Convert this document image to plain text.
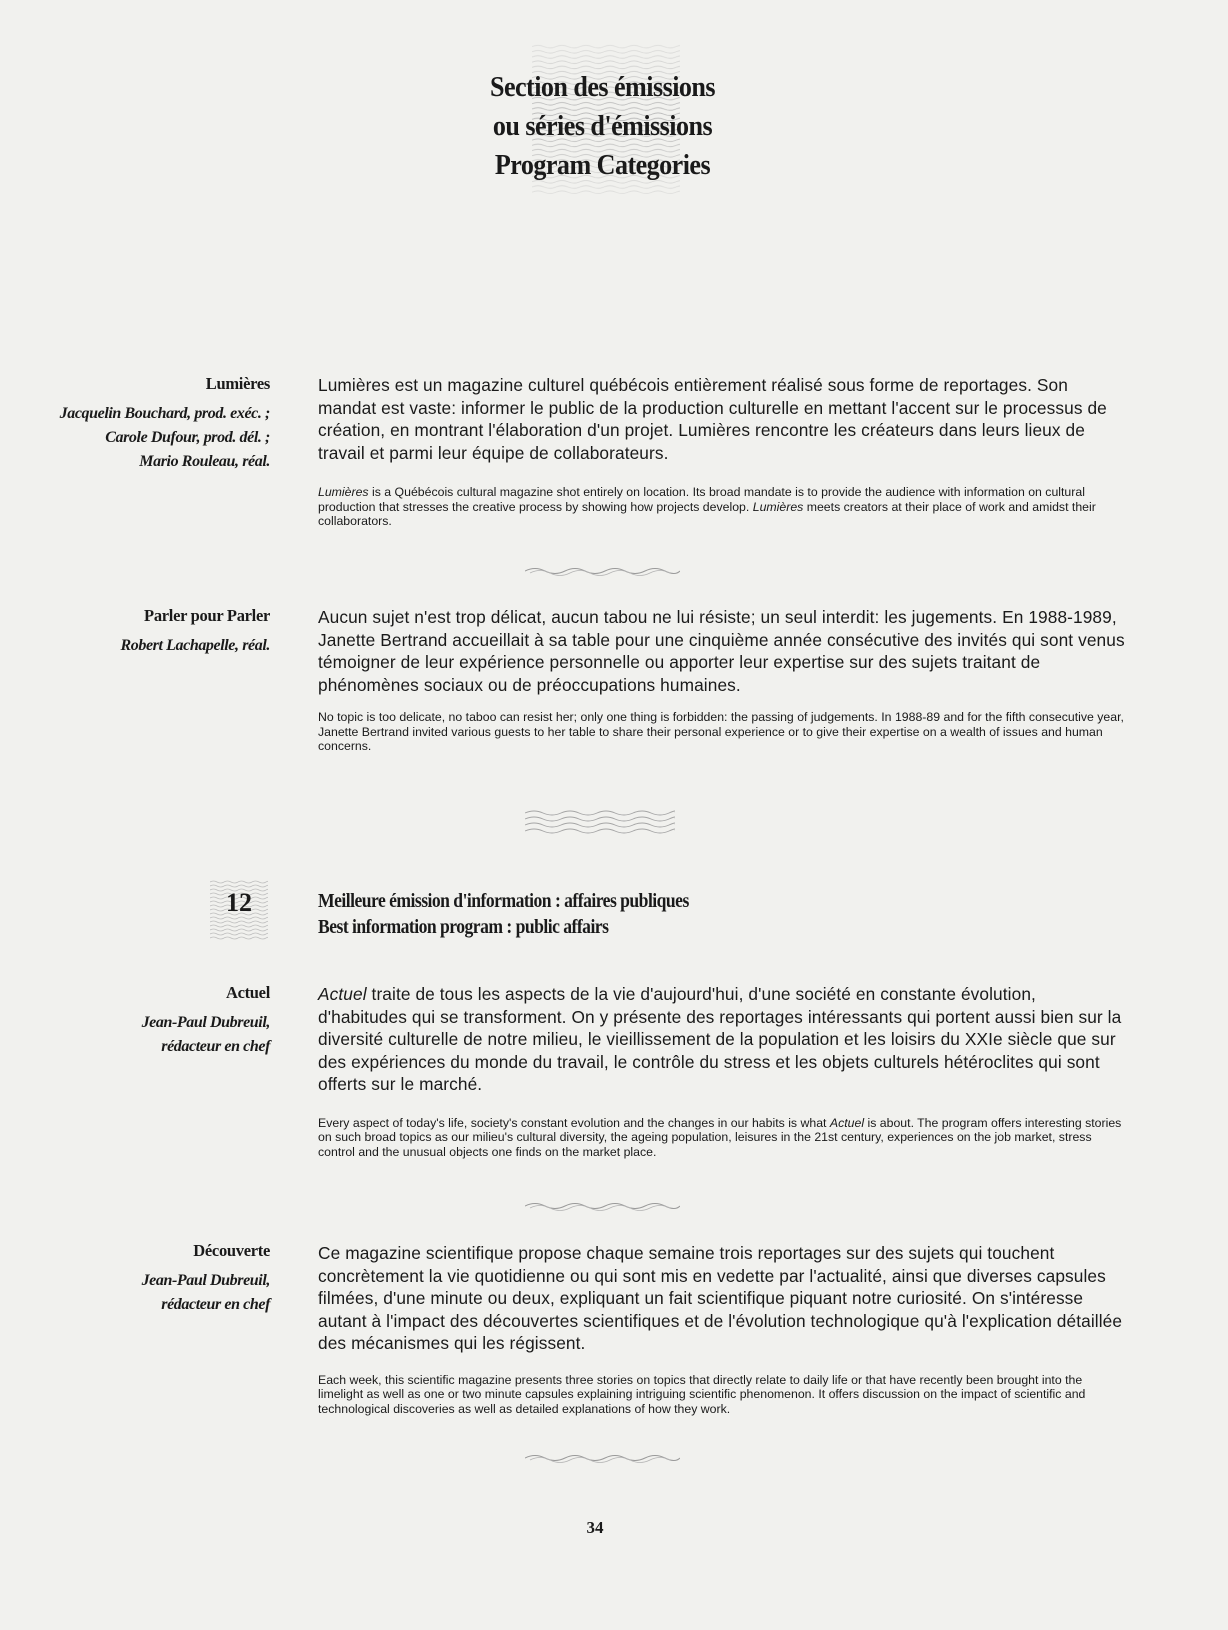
Section des émissions
ou séries d'émissions
Program Categories
Lumières
Jacquelin Bouchard, prod. exéc. ;
Carole Dufour, prod. dél. ;
Mario Rouleau, réal.

Lumières est un magazine culturel québécois entièrement réalisé sous forme de reportages. Son mandat est vaste: informer le public de la production culturelle en mettant l'accent sur le processus de création, en montrant l'élaboration d'un projet. Lumières rencontre les créateurs dans leurs lieux de travail et parmi leur équipe de collaborateurs.

Lumières is a Québécois cultural magazine shot entirely on location. Its broad mandate is to provide the audience with information on cultural production that stresses the creative process by showing how projects develop. Lumières meets creators at their place of work and amidst their collaborators.

Parler pour Parler
Robert Lachapelle, réal.

Aucun sujet n'est trop délicat, aucun tabou ne lui résiste; un seul interdit: les jugements. En 1988-1989, Janette Bertrand accueillait à sa table pour une cinquième année consécutive des invités qui sont venus témoigner de leur expérience personnelle ou apporter leur expertise sur des sujets traitant de phénomènes sociaux ou de préoccupations humaines.

No topic is too delicate, no taboo can resist her; only one thing is forbidden: the passing of judgements. In 1988-89 and for the fifth consecutive year, Janette Bertrand invited various guests to her table to share their personal experience or to give their expertise on a wealth of issues and human concerns.

12	Meilleure émission d'information : affaires publiques
Best information program : public affairs
Actuel
Jean-Paul Dubreuil,
rédacteur en chef

Actuel traite de tous les aspects de la vie d'aujourd'hui, d'une société en constante évolution, d'habitudes qui se transforment. On y présente des reportages intéressants qui portent aussi bien sur la diversité culturelle de notre milieu, le vieillissement de la population et les loisirs du XXIe siècle que sur des expériences du monde du travail, le contrôle du stress et les objets culturels hétéroclites qui sont offerts sur le marché.

Every aspect of today's life, society's constant evolution and the changes in our habits is what Actuel is about. The program offers interesting stories on such broad topics as our milieu's cultural diversity, the ageing population, leisures in the 21st century, experiences on the job market, stress control and the unusual objects one finds on the market place.

Découverte
Jean-Paul Dubreuil,
rédacteur en chef

Ce magazine scientifique propose chaque semaine trois reportages sur des sujets qui touchent concrètement la vie quotidienne ou qui sont mis en vedette par l'actualité, ainsi que diverses capsules filmées, d'une minute ou deux, expliquant un fait scientifique piquant notre curiosité. On s'intéresse autant à l'impact des découvertes scientifiques et de l'évolution technologique qu'à l'explication détaillée des mécanismes qui les régissent.

Each week, this scientific magazine presents three stories on topics that directly relate to daily life or that have recently been brought into the limelight as well as one or two minute capsules explaining intriguing scientific phenomenon. It offers discussion on the impact of scientific and technological discoveries as well as detailed explanations of how they work.

34
